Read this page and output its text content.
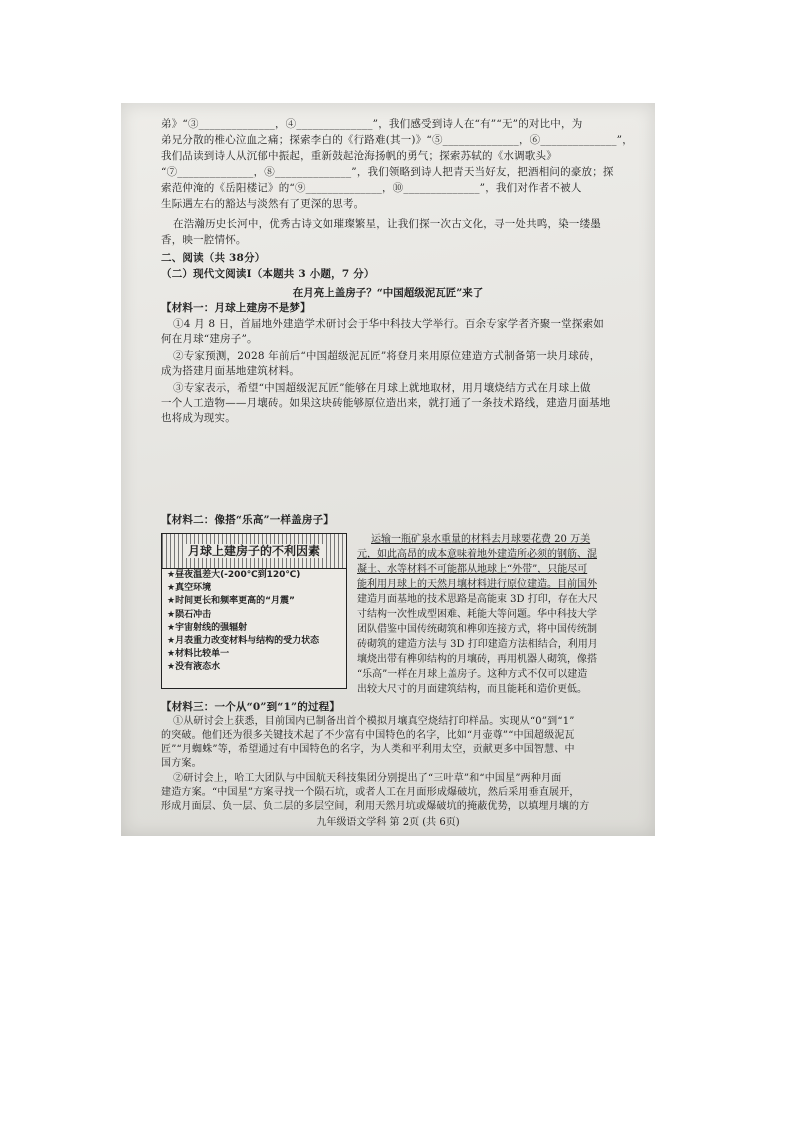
弟》“③______________，④______________”，我们感受到诗人在“有”“无”的对比中，为
弟兄分散的椎心泣血之痛；探索李白的《行路难(其一)》“⑤______________，⑥______________”，
我们品读到诗人从沉郁中振起，重新鼓起沧海扬帆的勇气；探索苏轼的《水调歌头》
“⑦______________，⑧______________”，我们领略到诗人把青天当好友，把酒相问的豪放；探
索范仲淹的《岳阳楼记》的“⑨______________，⑩______________”，我们对作者不被人
生际遇左右的豁达与淡然有了更深的思考。
在浩瀚历史长河中，优秀古诗文如璀璨繁星，让我们探一次古文化，寻一处共鸣，染一缕墨
香，映一腔情怀。
二、阅读（共 38分）
（二）现代文阅读Ⅰ（本题共 3 小题，7 分）
在月亮上盖房子？“中国超级泥瓦匠”来了
【材料一：月球上建房不是梦】
①4 月 8 日，首届地外建造学术研讨会于华中科技大学举行。百余专家学者齐聚一堂探索如
何在月球“建房子”。
②专家预测，2028 年前后“中国超级泥瓦匠”将登月来用原位建造方式制备第一块月球砖，
成为搭建月面基地建筑材料。
③专家表示，希望“中国超级泥瓦匠”能够在月球上就地取材，用月壤烧结方式在月球上做
一个人工造物——月壤砖。如果这块砖能够原位造出来，就打通了一条技术路线，建造月面基地
也将成为现实。
【材料二：像搭“乐高”一样盖房子】
月球上建房子的不利因素
★昼夜温差大(-200℃到120℃)
★真空环境
★时间更长和频率更高的“月震”
★陨石冲击
★宇宙射线的强辐射
★月表重力改变材料与结构的受力状态
★材料比较单一
★没有液态水
运输一瓶矿泉水重量的材料去月球要花费 20 万美
元，如此高昂的成本意味着地外建造所必须的钢筋、混
凝土、水等材料不可能都从地球上“外带”，只能尽可
能利用月球上的天然月壤材料进行原位建造。目前国外
建造月面基地的技术思路是高能束 3D 打印，存在大尺
寸结构一次性成型困难、耗能大等问题。华中科技大学
团队借鉴中国传统砌筑和榫卯连接方式，将中国传统制
砖砌筑的建造方法与 3D 打印建造方法相结合，利用月
壤烧出带有榫卯结构的月壤砖，再用机器人砌筑，像搭
“乐高”一样在月球上盖房子。这种方式不仅可以建造
出较大尺寸的月面建筑结构，而且能耗和造价更低。
【材料三：一个从“0”到“1”的过程】
①从研讨会上获悉，目前国内已制备出首个模拟月壤真空烧结打印样品。实现从“0”到“1”
的突破。他们还为很多关键技术起了不少富有中国特色的名字，比如“月壶尊”“中国超级泥瓦
匠”“月蜘蛛”等，希望通过有中国特色的名字，为人类和平利用太空，贡献更多中国智慧、中
国方案。
②研讨会上，哈工大团队与中国航天科技集团分别提出了“三叶草”和“中国星”两种月面
建造方案。“中国星”方案寻找一个陨石坑，或者人工在月面形成爆破坑，然后采用垂直展开，
形成月面层、负一层、负二层的多层空间，利用天然月坑或爆破坑的掩蔽优势，以填埋月壤的方
九年级语文学科 第 2页 (共 6页)
